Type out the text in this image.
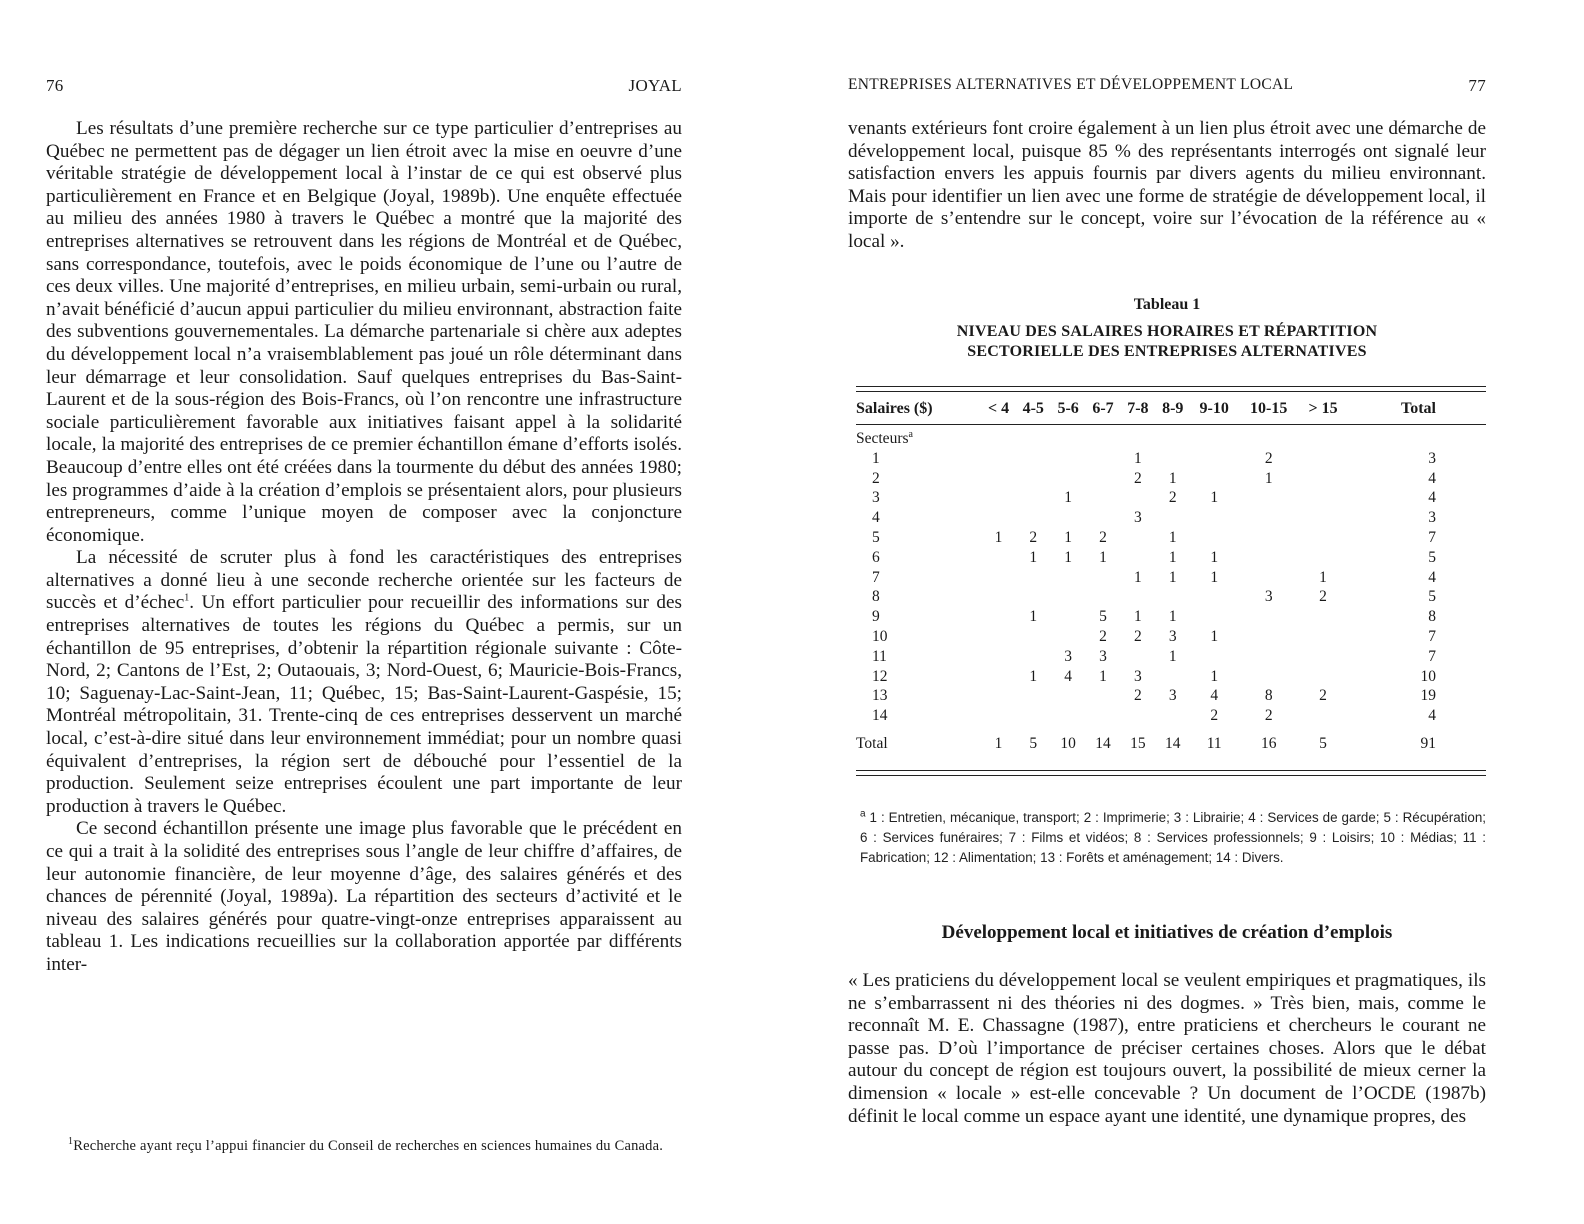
76	JOYAL

Les résultats d’une première recherche sur ce type particulier d’entreprises au Québec ne permettent pas de dégager un lien étroit avec la mise en oeuvre d’une véritable stratégie de développement local à l’instar de ce qui est observé plus particulièrement en France et en Belgique (Joyal, 1989b). Une enquête effectuée au milieu des années 1980 à travers le Québec a montré que la majorité des entreprises alternatives se retrouvent dans les régions de Montréal et de Québec, sans correspondance, toutefois, avec le poids économique de l’une ou l’autre de ces deux villes. Une majorité d’entreprises, en milieu urbain, semi-urbain ou rural, n’avait bénéficié d’aucun appui particulier du milieu environnant, abstraction faite des subventions gouvernementales. La démarche partenariale si chère aux adeptes du développement local n’a vraisemblablement pas joué un rôle déterminant dans leur démarrage et leur consolidation. Sauf quelques entreprises du Bas-Saint-Laurent et de la sous-région des Bois-Francs, où l’on rencontre une infrastructure sociale particulièrement favorable aux initiatives faisant appel à la solidarité locale, la majorité des entreprises de ce premier échantillon émane d’efforts isolés. Beaucoup d’entre elles ont été créées dans la tourmente du début des années 1980; les programmes d’aide à la création d’emplois se présentaient alors, pour plusieurs entrepreneurs, comme l’unique moyen de composer avec la conjoncture économique.

La nécessité de scruter plus à fond les caractéristiques des entreprises alternatives a donné lieu à une seconde recherche orientée sur les facteurs de succès et d’échec$^1$. Un effort particulier pour recueillir des informations sur des entreprises alternatives de toutes les régions du Québec a permis, sur un échantillon de 95 entreprises, d’obtenir la répartition régionale suivante : Côte-Nord, 2; Cantons de l’Est, 2; Outaouais, 3; Nord-Ouest, 6; Mauricie-Bois-Francs, 10; Saguenay-Lac-Saint-Jean, 11; Québec, 15; Bas-Saint-Laurent-Gaspésie, 15; Montréal métropolitain, 31. Trente-cinq de ces entreprises desservent un marché local, c’est-à-dire situé dans leur environnement immédiat; pour un nombre quasi équivalent d’entreprises, la région sert de débouché pour l’essentiel de la production. Seulement seize entreprises écoulent une part importante de leur production à travers le Québec.

Ce second échantillon présente une image plus favorable que le précédent en ce qui a trait à la solidité des entreprises sous l’angle de leur chiffre d’affaires, de leur autonomie financière, de leur moyenne d’âge, des salaires générés et des chances de pérennité (Joyal, 1989a). La répartition des secteurs d’activité et le niveau des salaires générés pour quatre-vingt-onze entreprises apparaissent au tableau 1. Les indications recueillies sur la collaboration apportée par différents inter-

$^1$Recherche ayant reçu l’appui financier du Conseil de recherches en sciences humaines du Canada.
ENTREPRISES ALTERNATIVES ET DÉVELOPPEMENT LOCAL	77

venants extérieurs font croire également à un lien plus étroit avec une démarche de développement local, puisque 85 % des représentants interrogés ont signalé leur satisfaction envers les appuis fournis par divers agents du milieu environnant. Mais pour identifier un lien avec une forme de stratégie de développement local, il importe de s’entendre sur le concept, voire sur l’évocation de la référence au « local ».

Tableau 1
NIVEAU DES SALAIRES HORAIRES ET RÉPARTITION
SECTORIELLE DES ENTREPRISES ALTERNATIVES
Salaires ($)	< 4	4-5	5-6	6-7	7-8	8-9	9-10	10-15	> 15	Total
Secteurs$^a$
1					1			2		3
2					2	1		1		4
3			1			2	1			4
4					3					3
5	1	2	1	2		1				7
6		1	1	1		1	1			5
7					1	1	1		1	4
8								3	2	5
9		1		5	1	1				8
10				2	2	3	1			7
11			3	3		1				7
12		1	4	1	3		1			10
13					2	3	4	8	2	19
14							2	2		4
Total	1	5	10	14	15	14	11	16	5	91
$^a$ 1 : Entretien, mécanique, transport; 2 : Imprimerie; 3 : Librairie; 4 : Services de garde; 5 : Récupération; 6 : Services funéraires; 7 : Films et vidéos; 8 : Services professionnels; 9 : Loisirs; 10 : Médias; 11 : Fabrication; 12 : Alimentation; 13 : Forêts et aménagement; 14 : Divers.
Développement local et initiatives de création d’emplois

« Les praticiens du développement local se veulent empiriques et pragmatiques, ils ne s’embarrassent ni des théories ni des dogmes. » Très bien, mais, comme le reconnaît M. E. Chassagne (1987), entre praticiens et chercheurs le courant ne passe pas. D’où l’importance de préciser certaines choses. Alors que le débat autour du concept de région est toujours ouvert, la possibilité de mieux cerner la dimension « locale » est-elle concevable ? Un document de l’OCDE (1987b) définit le local comme un espace ayant une identité, une dynamique propres, des
